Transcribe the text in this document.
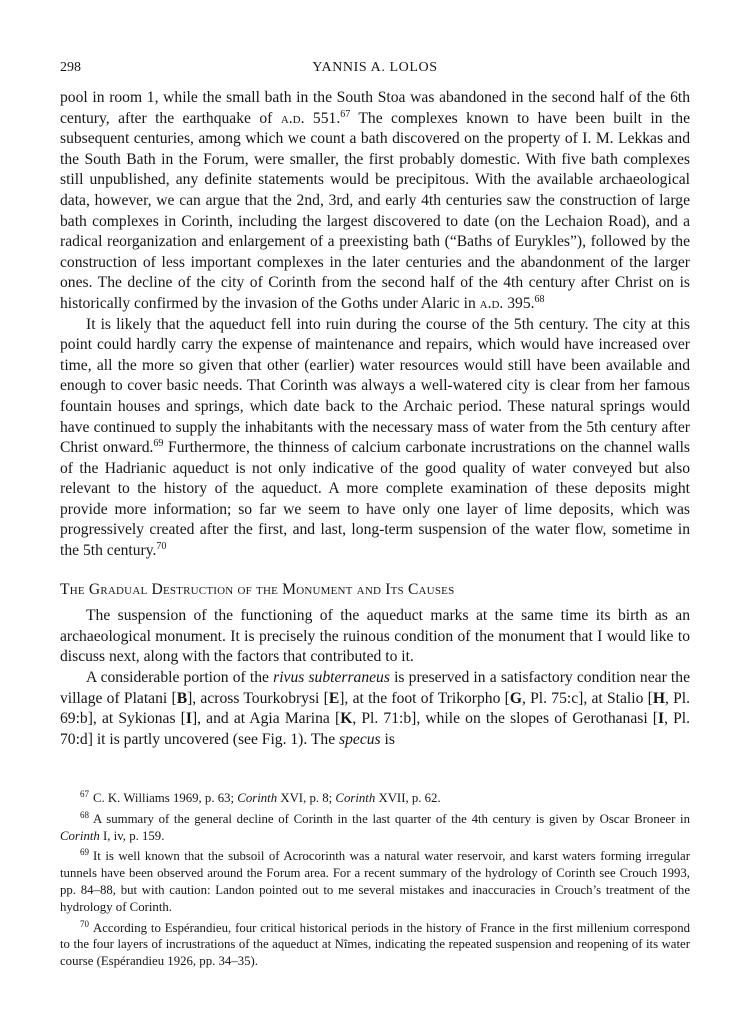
298	YANNIS A. LOLOS

pool in room 1, while the small bath in the South Stoa was abandoned in the second half of the 6th century, after the earthquake of a.d. 551.67 The complexes known to have been built in the subsequent centuries, among which we count a bath discovered on the property of I. M. Lekkas and the South Bath in the Forum, were smaller, the first probably domestic. With five bath complexes still unpublished, any definite statements would be precipitous. With the available archaeological data, however, we can argue that the 2nd, 3rd, and early 4th centuries saw the construction of large bath complexes in Corinth, including the largest discovered to date (on the Lechaion Road), and a radical reorganization and enlargement of a preexisting bath (“Baths of Eurykles”), followed by the construction of less important complexes in the later centuries and the abandonment of the larger ones. The decline of the city of Corinth from the second half of the 4th century after Christ on is historically confirmed by the invasion of the Goths under Alaric in a.d. 395.68

It is likely that the aqueduct fell into ruin during the course of the 5th century. The city at this point could hardly carry the expense of maintenance and repairs, which would have increased over time, all the more so given that other (earlier) water resources would still have been available and enough to cover basic needs. That Corinth was always a well-watered city is clear from her famous fountain houses and springs, which date back to the Archaic period. These natural springs would have continued to supply the inhabitants with the necessary mass of water from the 5th century after Christ onward.$^{69}$ Furthermore, the thinness of calcium carbonate incrustrations on the channel walls of the Hadrianic aqueduct is not only indicative of the good quality of water conveyed but also relevant to the history of the aqueduct. A more complete examination of these deposits might provide more information; so far we seem to have only one layer of lime deposits, which was progressively created after the first, and last, long-term suspension of the water flow, sometime in the 5th century.$^{70}$

The Gradual Destruction of the Monument and Its Causes

The suspension of the functioning of the aqueduct marks at the same time its birth as an archaeological monument. It is precisely the ruinous condition of the monument that I would like to discuss next, along with the factors that contributed to it.

A considerable portion of the rivus subterraneus is preserved in a satisfactory condition near the village of Platani [B], across Tourkobrysi [E], at the foot of Trikorpho [G, Pl. 75:c], at Stalio [H, Pl. 69:b], at Sykionas [I], and at Agia Marina [K, Pl. 71:b], while on the slopes of Gerothanasi [I, Pl. 70:d] it is partly uncovered (see Fig. 1). The specus is

$^{67}$ C. K. Williams 1969, p. 63; Corinth XVI, p. 8; Corinth XVII, p. 62.

$^{68}$ A summary of the general decline of Corinth in the last quarter of the 4th century is given by Oscar Broneer in Corinth I, iv, p. 159.

$^{69}$ It is well known that the subsoil of Acrocorinth was a natural water reservoir, and karst waters forming irregular tunnels have been observed around the Forum area. For a recent summary of the hydrology of Corinth see Crouch 1993, pp. 84–88, but with caution: Landon pointed out to me several mistakes and inaccuracies in Crouch’s treatment of the hydrology of Corinth.

$^{70}$ According to Espérandieu, four critical historical periods in the history of France in the first millenium correspond to the four layers of incrustrations of the aqueduct at Nîmes, indicating the repeated suspension and reopening of its water course (Espérandieu 1926, pp. 34–35).
